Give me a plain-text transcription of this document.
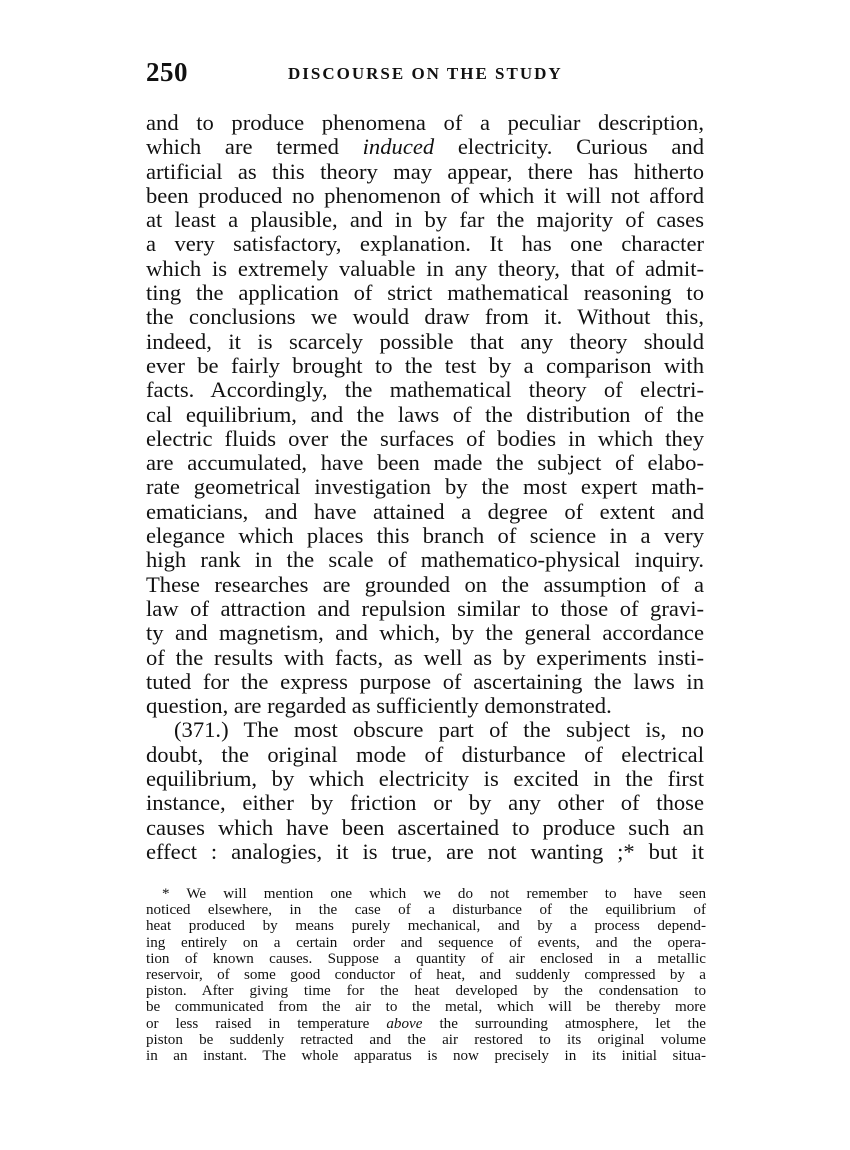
250	DISCOURSE ON THE STUDY
and to produce phenomena of a peculiar description,
which are termed induced electricity. Curious and
artificial as this theory may appear, there has hitherto
been produced no phenomenon of which it will not afford
at least a plausible, and in by far the majority of cases
a very satisfactory, explanation. It has one character
which is extremely valuable in any theory, that of admit-
ting the application of strict mathematical reasoning to
the conclusions we would draw from it. Without this,
indeed, it is scarcely possible that any theory should
ever be fairly brought to the test by a comparison with
facts. Accordingly, the mathematical theory of electri-
cal equilibrium, and the laws of the distribution of the
electric fluids over the surfaces of bodies in which they
are accumulated, have been made the subject of elabo-
rate geometrical investigation by the most expert math-
ematicians, and have attained a degree of extent and
elegance which places this branch of science in a very
high rank in the scale of mathematico-physical inquiry.
These researches are grounded on the assumption of a
law of attraction and repulsion similar to those of gravi-
ty and magnetism, and which, by the general accordance
of the results with facts, as well as by experiments insti-
tuted for the express purpose of ascertaining the laws in
question, are regarded as sufficiently demonstrated.
(371.) The most obscure part of the subject is, no
doubt, the original mode of disturbance of electrical
equilibrium, by which electricity is excited in the first
instance, either by friction or by any other of those
causes which have been ascertained to produce such an
effect : analogies, it is true, are not wanting ;* but it
* We will mention one which we do not remember to have seen
noticed elsewhere, in the case of a disturbance of the equilibrium of
heat produced by means purely mechanical, and by a process depend-
ing entirely on a certain order and sequence of events, and the opera-
tion of known causes. Suppose a quantity of air enclosed in a metallic
reservoir, of some good conductor of heat, and suddenly compressed by a
piston. After giving time for the heat developed by the condensation to
be communicated from the air to the metal, which will be thereby more
or less raised in temperature above the surrounding atmosphere, let the
piston be suddenly retracted and the air restored to its original volume
in an instant. The whole apparatus is now precisely in its initial situa-
